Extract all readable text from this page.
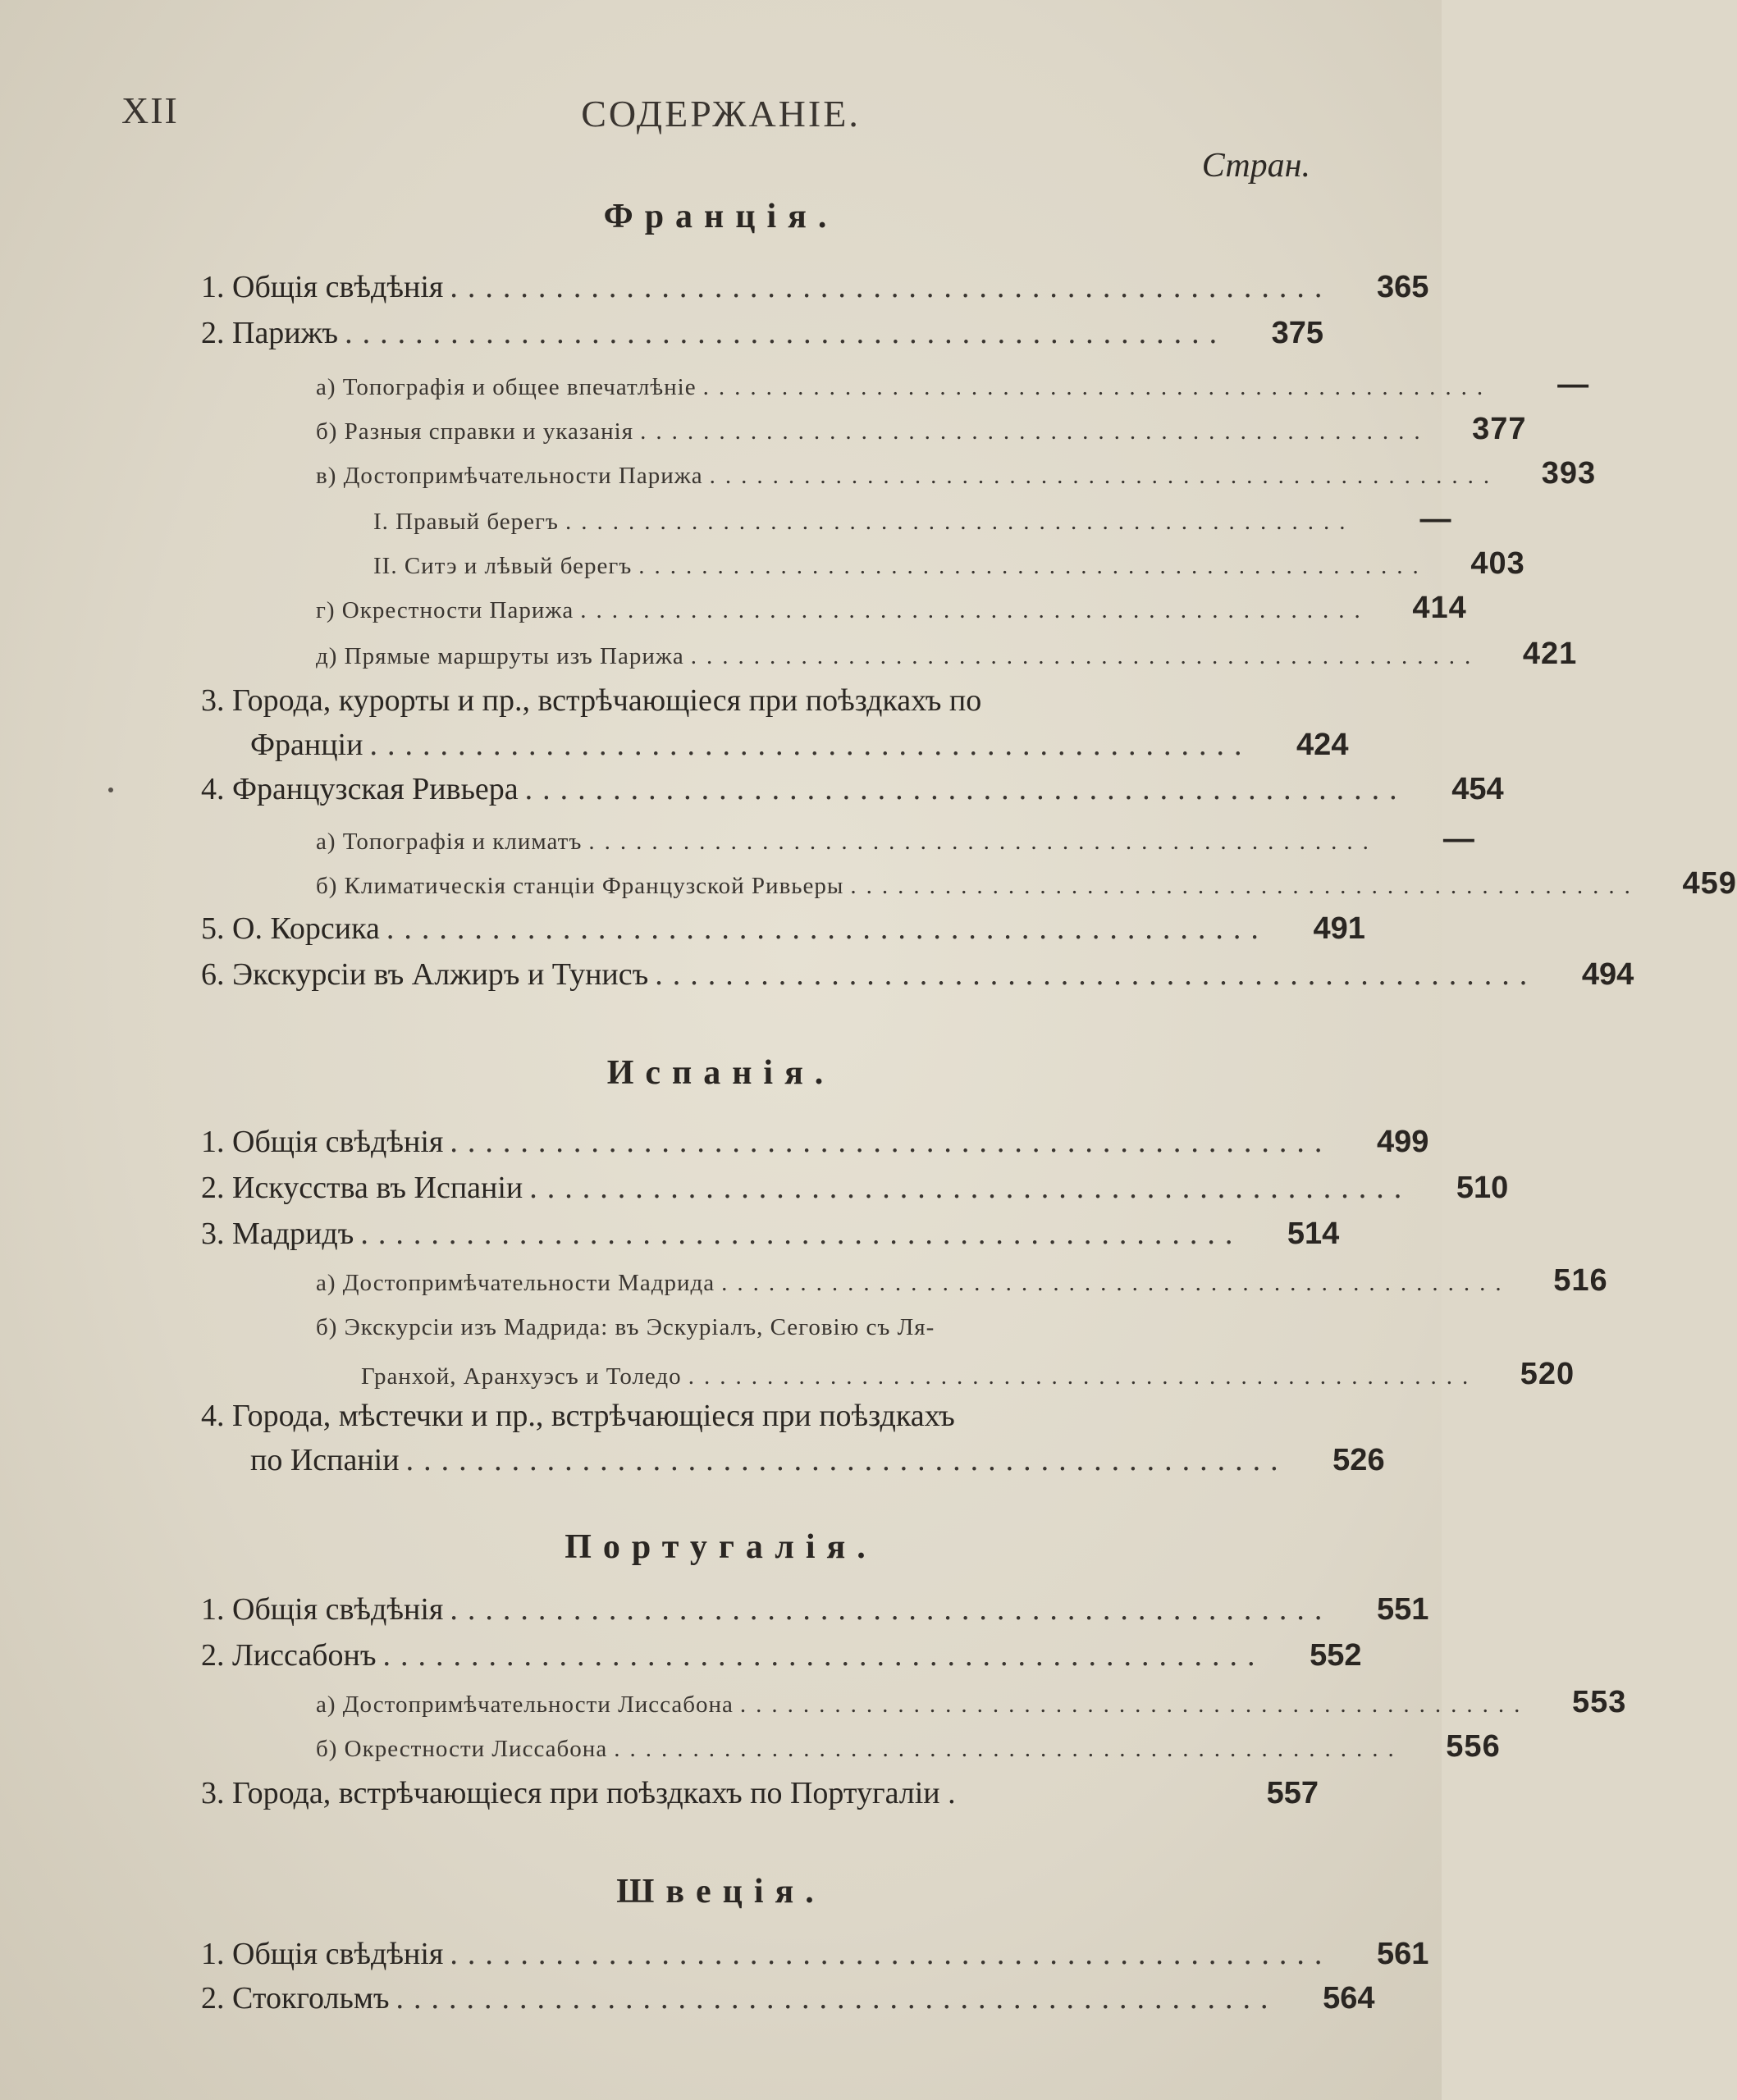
XII	СОДЕРЖАНІЕ.
Стран.
Франція.
1. Общія свѣдѣнія ..................................................	365
2. Парижъ ..................................................	375
а) Топографія и общее впечатлѣніе ..................................................	—
б) Разныя справки и указанія ..................................................	377
в) Достопримѣчательности Парижа ..................................................	393
I. Правый берегъ ..................................................	—
II. Ситэ и лѣвый берегъ ..................................................	403
г) Окрестности Парижа ..................................................	414
д) Прямые маршруты изъ Парижа ..................................................	421
3. Города, курорты и пр., встрѣчающіеся при поѣздкахъ по
Франціи ..................................................	424
4. Французская Ривьера ..................................................	454
а) Топографія и климатъ ..................................................	—
б) Климатическія станціи Французской Ривьеры ..................................................	459
5. О. Корсика ..................................................	491
6. Экскурсіи въ Алжиръ и Тунисъ ..................................................	494
Испанія.
1. Общія свѣдѣнія ..................................................	499
2. Искусства въ Испаніи ..................................................	510
3. Мадридъ ..................................................	514
а) Достопримѣчательности Мадрида ..................................................	516
б) Экскурсіи изъ Мадрида: въ Эскуріалъ, Сеговію съ Ля-
Гранхой, Аранхуэсъ и Толедо ..................................................	520
4. Города, мѣстечки и пр., встрѣчающіеся при поѣздкахъ
по Испаніи ..................................................	526
Португалія.
1. Общія свѣдѣнія ..................................................	551
2. Лиссабонъ ..................................................	552
а) Достопримѣчательности Лиссабона ..................................................	553
б) Окрестности Лиссабона ..................................................	556
3. Города, встрѣчающіеся при поѣздкахъ по Португаліи .	557
Швеція.
1. Общія свѣдѣнія ..................................................	561
2. Стокгольмъ ..................................................	564
